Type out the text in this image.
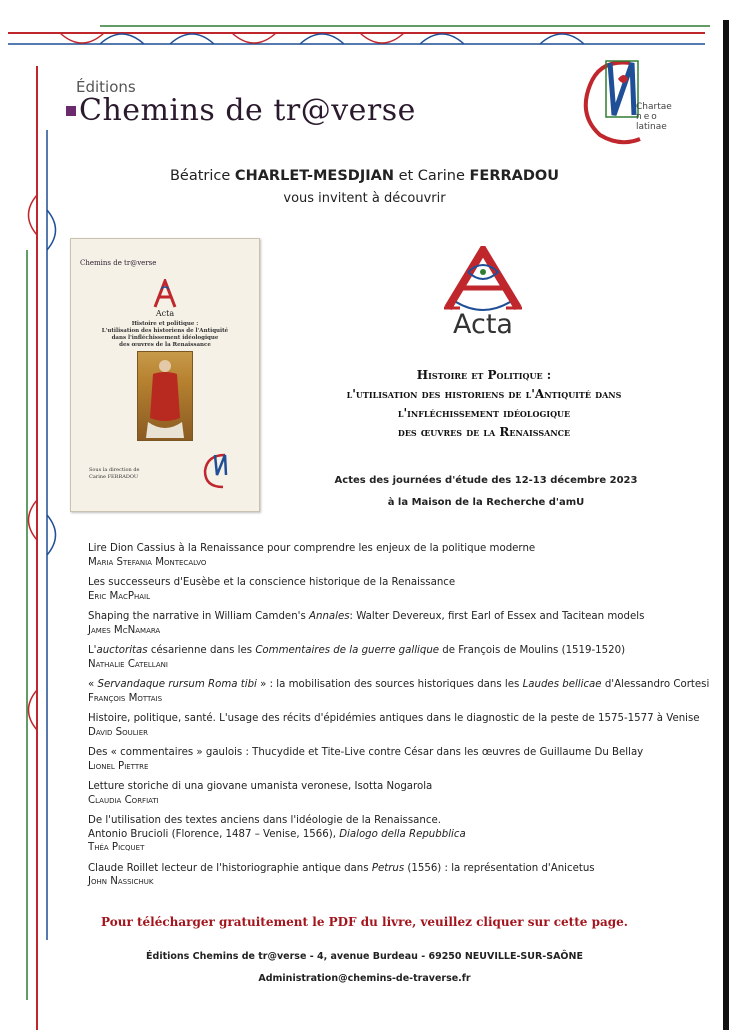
Éditions
Chemins de tr@verse	Chartae
neo
latinae
Béatrice CHARLET-MESDJIAN et Carine FERRADOU
vous invitent à découvrir
Chemins de tr@verse
Acta
Histoire et politique :
L'utilisation des historiens de l'Antiquité
dans l'infléchissement idéologique
des œuvres de la Renaissance
Sous la direction de
Carine FERRADOU
Acta
Histoire et Politique :
l'utilisation des historiens de l'Antiquité dans
l'infléchissement idéologique
des œuvres de la Renaissance
Actes des journées d'étude des 12-13 décembre 2023
à la Maison de la Recherche d'amU
Lire Dion Cassius à la Renaissance pour comprendre les enjeux de la politique moderne
Maria Stefania Montecalvo
Les successeurs d'Eusèbe et la conscience historique de la Renaissance
Eric MacPhail
Shaping the narrative in William Camden's Annales: Walter Devereux, first Earl of Essex and Tacitean models
James McNamara
L'auctoritas césarienne dans les Commentaires de la guerre gallique de François de Moulins (1519-1520)
Nathalie Catellani
« Servandaque rursum Roma tibi » : la mobilisation des sources historiques dans les Laudes bellicae d'Alessandro Cortesi
François Mottais
Histoire, politique, santé. L'usage des récits d'épidémies antiques dans le diagnostic de la peste de 1575-1577 à Venise
David Soulier
Des « commentaires » gaulois : Thucydide et Tite-Live contre César dans les œuvres de Guillaume Du Bellay
Lionel Piettre
Letture storiche di una giovane umanista veronese, Isotta Nogarola
Claudia Corfiati
De l'utilisation des textes anciens dans l'idéologie de la Renaissance.
Antonio Brucioli (Florence, 1487 – Venise, 1566), Dialogo della Repubblica
Théa Picquet
Claude Roillet lecteur de l'historiographie antique dans Petrus (1556) : la représentation d'Anicetus
John Nassichuk
Pour télécharger gratuitement le PDF du livre, veuillez cliquer sur cette page.
Éditions Chemins de tr@verse - 4, avenue Burdeau - 69250 NEUVILLE-SUR-SAÔNE
Administration@chemins-de-traverse.fr
